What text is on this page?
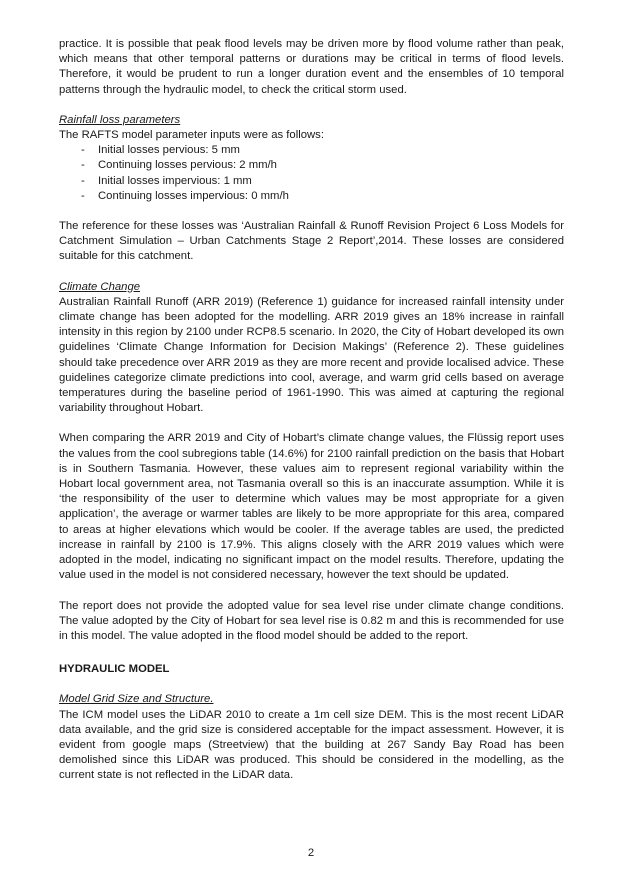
practice. It is possible that peak flood levels may be driven more by flood volume rather than peak, which means that other temporal patterns or durations may be critical in terms of flood levels. Therefore, it would be prudent to run a longer duration event and the ensembles of 10 temporal patterns through the hydraulic model, to check the critical storm used.

Rainfall loss parameters

The RAFTS model parameter inputs were as follows:

- Initial losses pervious: 5 mm
- Continuing losses pervious: 2 mm/h
- Initial losses impervious: 1 mm
- Continuing losses impervious: 0 mm/h

The reference for these losses was ‘Australian Rainfall & Runoff Revision Project 6 Loss Models for Catchment Simulation – Urban Catchments Stage 2 Report’,2014. These losses are considered suitable for this catchment.

Climate Change

Australian Rainfall Runoff (ARR 2019) (Reference 1) guidance for increased rainfall intensity under climate change has been adopted for the modelling. ARR 2019 gives an 18% increase in rainfall intensity in this region by 2100 under RCP8.5 scenario. In 2020, the City of Hobart developed its own guidelines ‘Climate Change Information for Decision Makings’ (Reference 2). These guidelines should take precedence over ARR 2019 as they are more recent and provide localised advice. These guidelines categorize climate predictions into cool, average, and warm grid cells based on average temperatures during the baseline period of 1961-1990. This was aimed at capturing the regional variability throughout Hobart.

When comparing the ARR 2019 and City of Hobart’s climate change values, the Flüssig report uses the values from the cool subregions table (14.6%) for 2100 rainfall prediction on the basis that Hobart is in Southern Tasmania. However, these values aim to represent regional variability within the Hobart local government area, not Tasmania overall so this is an inaccurate assumption. While it is ‘the responsibility of the user to determine which values may be most appropriate for a given application’, the average or warmer tables are likely to be more appropriate for this area, compared to areas at higher elevations which would be cooler. If the average tables are used, the predicted increase in rainfall by 2100 is 17.9%. This aligns closely with the ARR 2019 values which were adopted in the model, indicating no significant impact on the model results. Therefore, updating the value used in the model is not considered necessary, however the text should be updated.

The report does not provide the adopted value for sea level rise under climate change conditions. The value adopted by the City of Hobart for sea level rise is 0.82 m and this is recommended for use in this model. The value adopted in the flood model should be added to the report.

HYDRAULIC MODEL

Model Grid Size and Structure.

The ICM model uses the LiDAR 2010 to create a 1m cell size DEM. This is the most recent LiDAR data available, and the grid size is considered acceptable for the impact assessment. However, it is evident from google maps (Streetview) that the building at 267 Sandy Bay Road has been demolished since this LiDAR was produced. This should be considered in the modelling, as the current state is not reflected in the LiDAR data.

2
